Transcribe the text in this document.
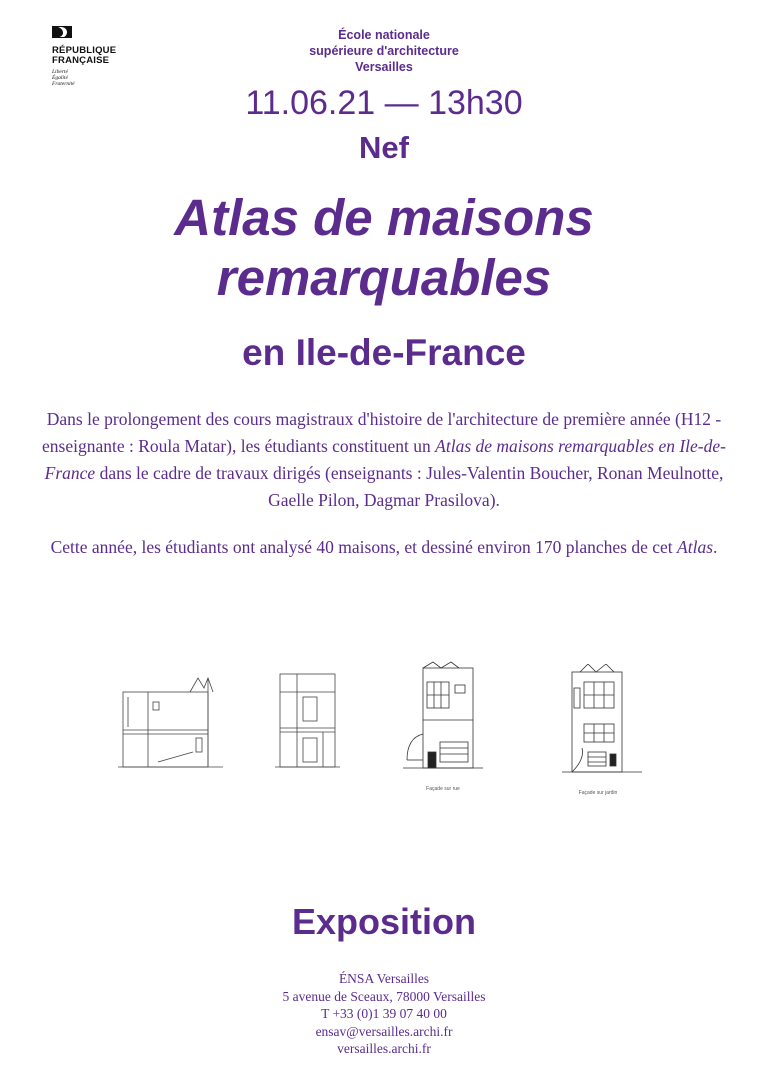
RÉPUBLIQUE
FRANÇAISE
Liberté
Égalité
Fraternité
École nationale
supérieure d'architecture
Versailles
11.06.21 — 13h30
Nef
Atlas de maisons
remarquables
en Ile-de-France

Dans le prolongement des cours magistraux d'histoire de l'architecture de première année (H12 - enseignante : Roula Matar), les étudiants constituent un Atlas de maisons remarquables en Ile-de-France dans le cadre de travaux dirigés (enseignants : Jules-Valentin Boucher, Ronan Meulnotte, Gaelle Pilon, Dagmar Prasilova).

Cette année, les étudiants ont analysé 40 maisons, et dessiné environ 170 planches de cet Atlas.

Façade sur rue
Façade sur jardin
Exposition
ÉNSA Versailles
5 avenue de Sceaux, 78000 Versailles
T +33 (0)1 39 07 40 00
ensav@versailles.archi.fr
versailles.archi.fr
